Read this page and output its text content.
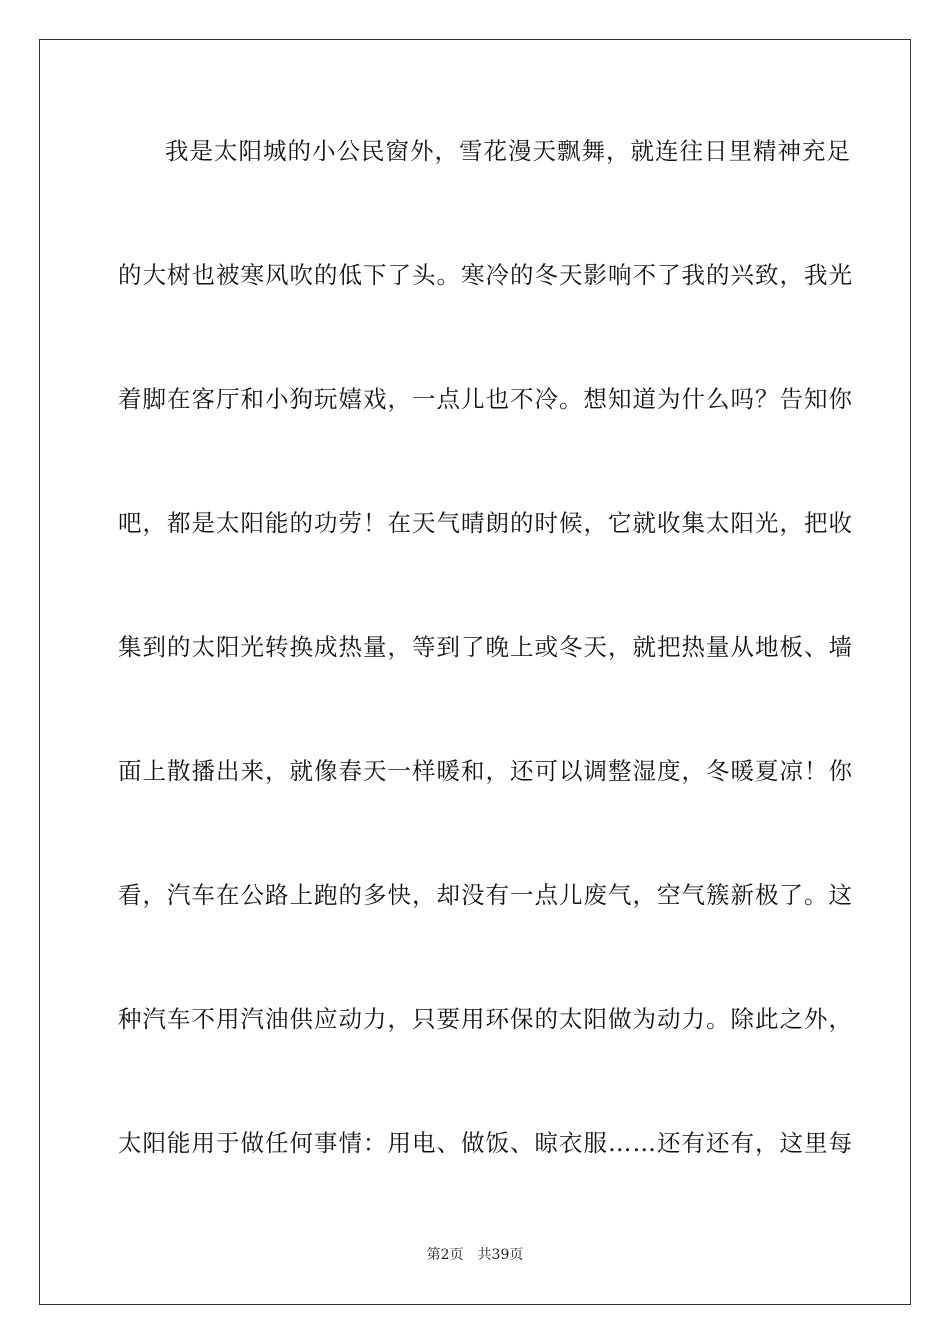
我是太阳城的小公民窗外，雪花漫天飘舞，就连往日里精神充足
的大树也被寒风吹的低下了头。寒冷的冬天影响不了我的兴致，我光
着脚在客厅和小狗玩嬉戏，一点儿也不冷。想知道为什么吗？告知你
吧，都是太阳能的功劳！在天气晴朗的时候，它就收集太阳光，把收
集到的太阳光转换成热量，等到了晚上或冬天，就把热量从地板、墙
面上散播出来，就像春天一样暖和，还可以调整湿度，冬暖夏凉！你
看，汽车在公路上跑的多快，却没有一点儿废气，空气簇新极了。这
种汽车不用汽油供应动力，只要用环保的太阳做为动力。除此之外，
太阳能用于做任何事情：用电、做饭、晾衣服……还有还有，这里每
第2页 共39页
